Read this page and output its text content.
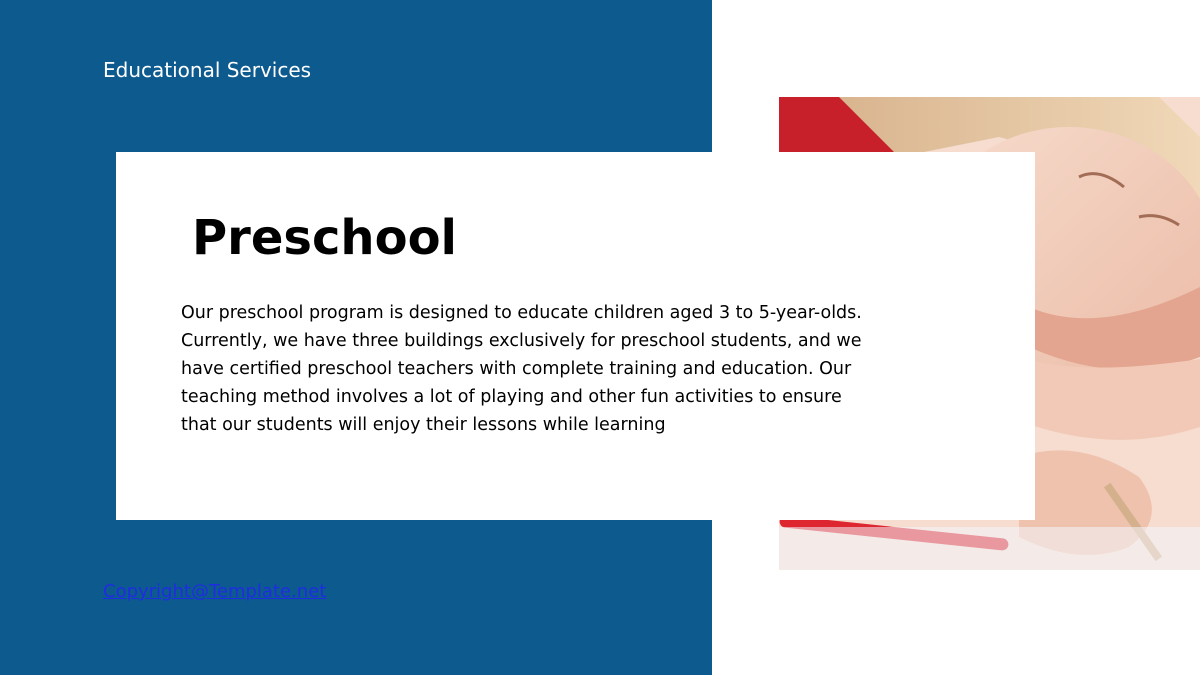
Educational Services
Preschool

Our preschool program is designed to educate children aged 3 to 5-year-olds. Currently, we have three buildings exclusively for preschool students, and we have certified preschool teachers with complete training and education. Our teaching method involves a lot of playing and other fun activities to ensure that our students will enjoy their lessons while learning

Copyright@Template.net
